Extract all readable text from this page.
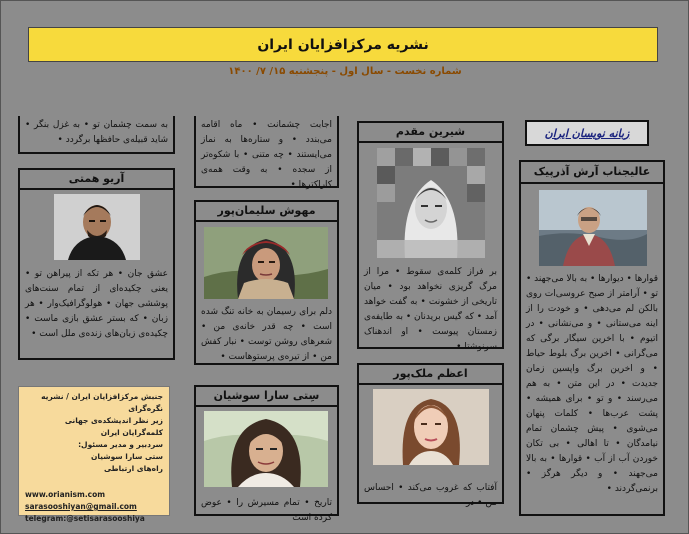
نشریه مرکزافزایان ایران
شماره نخست - سال اول - پنجشنبه ۱۵/ ۷/ ۱۴۰۰
به سمت چشمان تو • به غزل بنگر • شاید قبیله‌ی حافظها برگردد •
اجابت چشمانت • ماه اقامه می‌بندد • و ستاره‌ها به نماز می‌ایستند • چه متنی • با شکوه‌تر از سجده • به وقت همه‌ی کاراکترها •
زبانه نویسان ایران
عالیجناب آرش آذرپیک
قوارها • دیوارها • به بالا می‌جهند • تو • آرامتر از صبح عروسی‌ات روی بالکن لم می‌دهی • و خودت را از اینه می‌ستانی • و می‌نشانی • در اتیوم • با اخرین سیگار برگی که می‌گرانی • اخرین برگ بلوط حیاط • و اخرین برگ واپسین زمان جدیدت • در این متن • به هم می‌رسند • و تو • برای همیشه • پشت عرب‌ها • کلمات پنهان می‌شوی • پیش چشمان تمام نیامدگان • تا اهالی • بی تکان خوردن آب از آب • قوارها • به بالا می‌جهند • و دیگر هرگز • برنمی‌گردند •
شیرین مقدم
بر فراز کلمه‌ی سقوط • مرا از مرگ گریزی نخواهد بود • میان تاریخی از خشونت • به گفت خواهد آمد • که گیس بریدنان • به طایفه‌ی زمستان پیوست • او اندهناک سرنوشتا •
اعظم ملک‌پور
آفتاب که غروب می‌کند • احساس من • در
مهوش سلیمان‌پور
دلم برای رسیمان به خانه تنگ شده است • چه قدر خانه‌ی من • شعرهای روشن توست • نبار کفش من • از تیره‌ی پرستوهاست •
سِتی سارا سوشیان
تاریخ • تمام مسیرش را • عوض کرده است
آریو همتی
عشق جان • هر تکه از پیراهن تو • یعنی چکیده‌ای از تمام سنت‌های پوششی جهان • هولوگرافیک‌وار • هر زبان • که بستر عشق بازی ماست • چکیده‌ی زبان‌های زنده‌ی ملل است •
جنبش مرکزافزایان ایران / نشریه نگره‌گرای
زیر نظر اندیشکده‌ی جهانی کلمه‌گرایان ایران
سردبیر و مدیر مسئول:
ستی سارا سوشیان
راه‌های ارتباطی
www.orianism.com
sarasooshiyan@gmail.com
telegram:@setisarasooshiya
